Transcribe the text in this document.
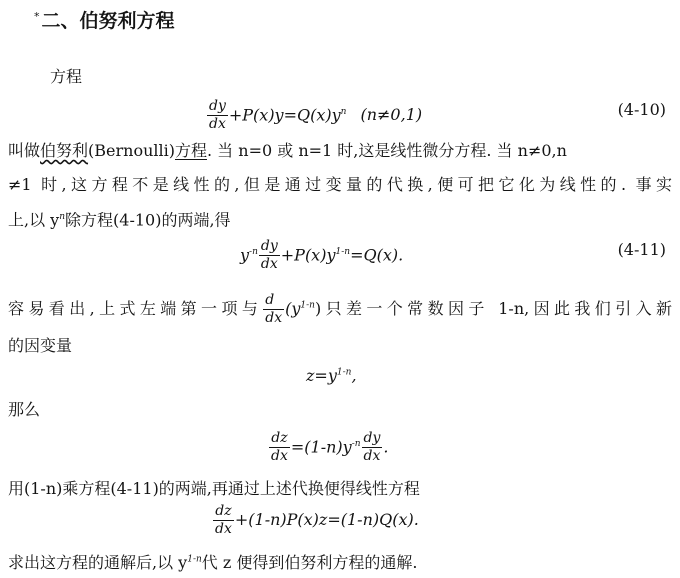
* 二、伯努利方程
方程
$\frac{dy}{dx} +P(x)y=Q(x)y^n$ (n≠0,1)	(4-10)
叫做伯努利(Bernoulli)方程. 当 n=0 或 n=1 时,这是线性微分方程. 当 n≠0,n
≠1 时,这方程不是线性的,但是通过变量的代换,便可把它化为线性的. 事实
上,以 $y^n$除方程(4-10)的两端,得
$y^{-n} \frac{dy}{dx} +P(x)y^{1-n}=Q(x)$.	(4-11)
容易看出,上式左端第一项与 $\frac{d}{dx} (y^{1-n})$只差一个常数因子 1-n,因此我们引入新
的因变量
$z=y^{1-n}$,
那么
$\frac{dz}{dx} =(1-n)y^{-n} \frac{dy}{dx}$ .
用(1-n)乘方程(4-11)的两端,再通过上述代换便得线性方程
$\frac{dz}{dx} +(1-n)P(x)z=(1-n)Q(x)$.
求出这方程的通解后,以 $y^{1-n}$代 z 便得到伯努利方程的通解.
